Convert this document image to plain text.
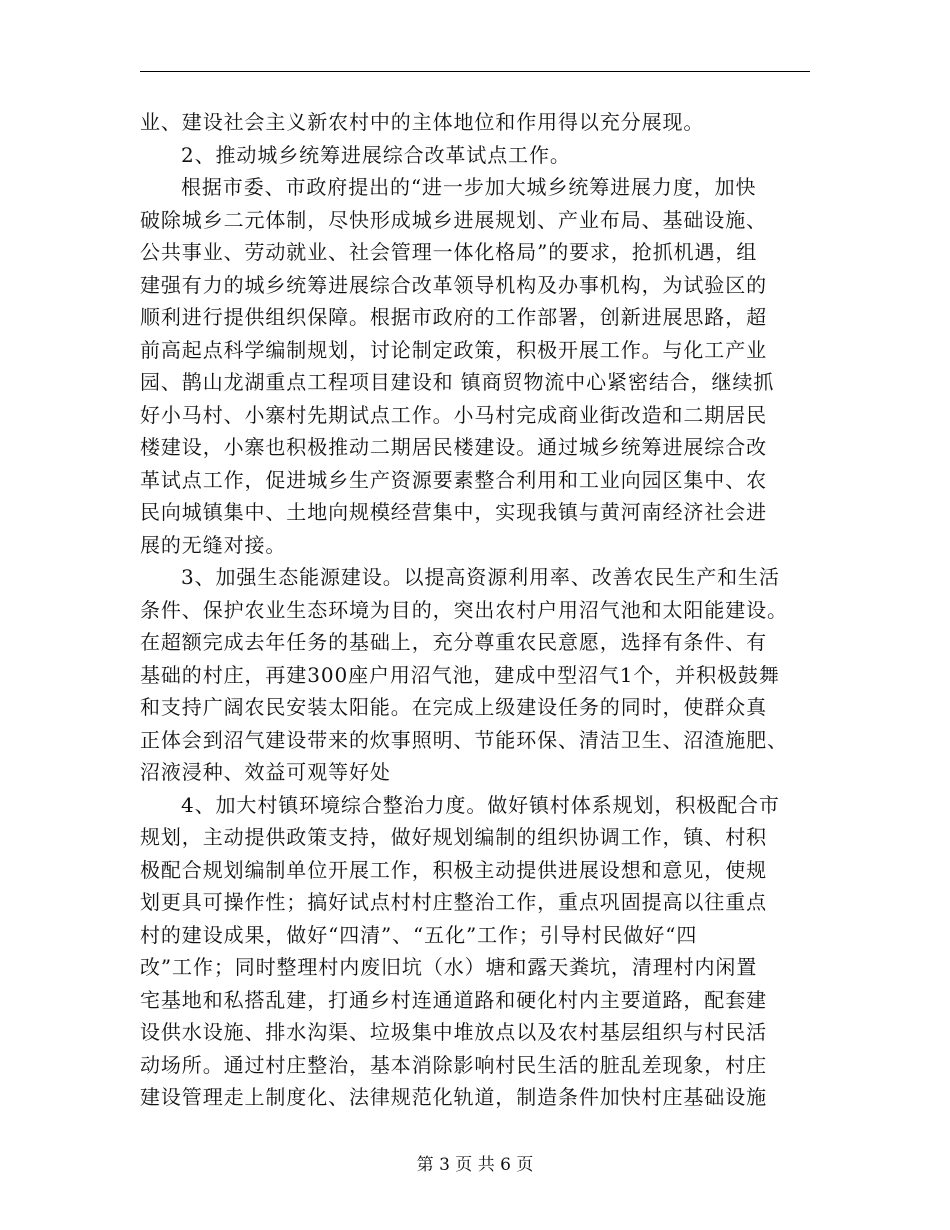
业、建设社会主义新农村中的主体地位和作用得以充分展现。
2、推动城乡统筹进展综合改革试点工作。
根据市委、市政府提出的“进一步加大城乡统筹进展力度，加快
破除城乡二元体制，尽快形成城乡进展规划、产业布局、基础设施、
公共事业、劳动就业、社会管理一体化格局”的要求，抢抓机遇，组
建强有力的城乡统筹进展综合改革领导机构及办事机构，为试验区的
顺利进行提供组织保障。根据市政府的工作部署，创新进展思路，超
前高起点科学编制规划，讨论制定政策，积极开展工作。与化工产业
园、鹊山龙湖重点工程项目建设和 镇商贸物流中心紧密结合，继续抓
好小马村、小寨村先期试点工作。小马村完成商业街改造和二期居民
楼建设，小寨也积极推动二期居民楼建设。通过城乡统筹进展综合改
革试点工作，促进城乡生产资源要素整合利用和工业向园区集中、农
民向城镇集中、土地向规模经营集中，实现我镇与黄河南经济社会进
展的无缝对接。
3、加强生态能源建设。以提高资源利用率、改善农民生产和生活
条件、保护农业生态环境为目的，突出农村户用沼气池和太阳能建设。
在超额完成去年任务的基础上，充分尊重农民意愿，选择有条件、有
基础的村庄，再建300座户用沼气池，建成中型沼气1个，并积极鼓舞
和支持广阔农民安装太阳能。在完成上级建设任务的同时，使群众真
正体会到沼气建设带来的炊事照明、节能环保、清洁卫生、沼渣施肥、
沼液浸种、效益可观等好处
4、加大村镇环境综合整治力度。做好镇村体系规划，积极配合市
规划，主动提供政策支持，做好规划编制的组织协调工作，镇、村积
极配合规划编制单位开展工作，积极主动提供进展设想和意见，使规
划更具可操作性；搞好试点村村庄整治工作，重点巩固提高以往重点
村的建设成果，做好“四清”、“五化”工作；引导村民做好“四
改”工作；同时整理村内废旧坑（水）塘和露天粪坑，清理村内闲置
宅基地和私搭乱建，打通乡村连通道路和硬化村内主要道路，配套建
设供水设施、排水沟渠、垃圾集中堆放点以及农村基层组织与村民活
动场所。通过村庄整治，基本消除影响村民生活的脏乱差现象，村庄
建设管理走上制度化、法律规范化轨道，制造条件加快村庄基础设施
第 3 页 共 6 页
